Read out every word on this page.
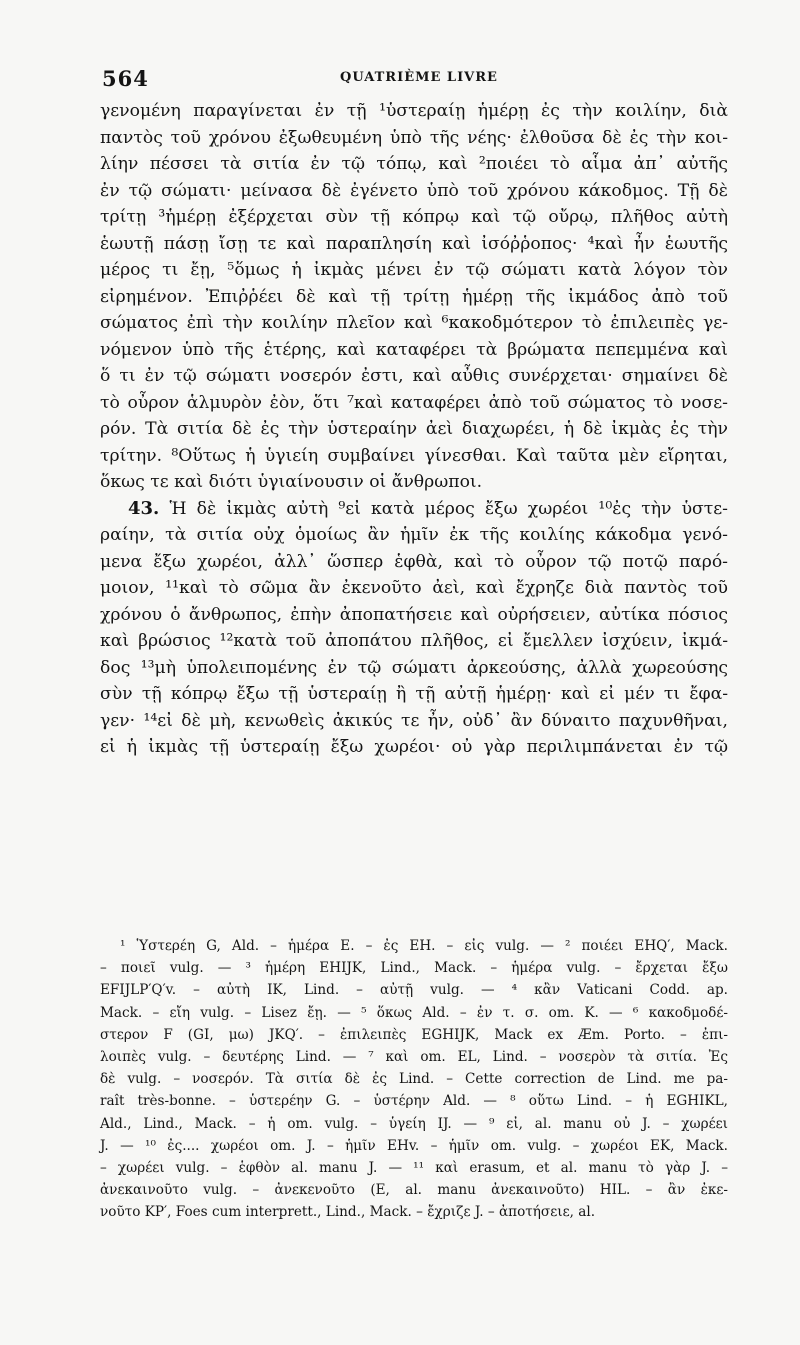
564	QUATRIÈME LIVRE
γενομένη παραγίνεται ἐν τῇ ¹ὑστεραίῃ ἡμέρῃ ἐς τὴν κοιλίην, διὰ
παντὸς τοῦ χρόνου ἐξωθευμένη ὑπὸ τῆς νέης· ἐλθοῦσα δὲ ἐς τὴν κοι-
λίην πέσσει τὰ σιτία ἐν τῷ τόπῳ, καὶ ²ποιέει τὸ αἷμα ἀπ᾽ αὐτῆς
ἐν τῷ σώματι· μείνασα δὲ ἐγένετο ὑπὸ τοῦ χρόνου κάκοδμος. Τῇ δὲ
τρίτῃ ³ἡμέρῃ ἐξέρχεται σὺν τῇ κόπρῳ καὶ τῷ οὔρῳ, πλῆθος αὐτὴ
ἑωυτῇ πάσῃ ἴσῃ τε καὶ παραπλησίη καὶ ἰσόῤῥοπος· ⁴καὶ ἦν ἑωυτῆς
μέρος τι ἔῃ, ⁵ὅμως ἡ ἰκμὰς μένει ἐν τῷ σώματι κατὰ λόγον τὸν
εἰρημένον. Ἐπιῤῥέει δὲ καὶ τῇ τρίτῃ ἡμέρῃ τῆς ἰκμάδος ἀπὸ τοῦ
σώματος ἐπὶ τὴν κοιλίην πλεῖον καὶ ⁶κακοδμότερον τὸ ἐπιλειπὲς γε-
νόμενον ὑπὸ τῆς ἑτέρης, καὶ καταφέρει τὰ βρώματα πεπεμμένα καὶ
ὅ τι ἐν τῷ σώματι νοσερόν ἐστι, καὶ αὖθις συνέρχεται· σημαίνει δὲ
τὸ οὖρον ἁλμυρὸν ἐὸν, ὅτι ⁷καὶ καταφέρει ἀπὸ τοῦ σώματος τὸ νοσε-
ρόν. Τὰ σιτία δὲ ἐς τὴν ὑστεραίην ἀεὶ διαχωρέει, ἡ δὲ ἰκμὰς ἐς τὴν
τρίτην. ⁸Οὕτως ἡ ὑγιείη συμβαίνει γίνεσθαι. Καὶ ταῦτα μὲν εἴρηται,
ὅκως τε καὶ διότι ὑγιαίνουσιν οἱ ἄνθρωποι.
43. Ἡ δὲ ἰκμὰς αὐτὴ ⁹εἰ κατὰ μέρος ἔξω χωρέοι ¹⁰ἐς τὴν ὑστε-
ραίην, τὰ σιτία οὐχ ὁμοίως ἂν ἡμῖν ἐκ τῆς κοιλίης κάκοδμα γενό-
μενα ἔξω χωρέοι, ἀλλ᾽ ὥσπερ ἑφθὰ, καὶ τὸ οὖρον τῷ ποτῷ παρό-
μοιον, ¹¹καὶ τὸ σῶμα ἂν ἐκενοῦτο ἀεὶ, καὶ ἔχρηζε διὰ παντὸς τοῦ
χρόνου ὁ ἄνθρωπος, ἐπὴν ἀποπατήσειε καὶ οὐρήσειεν, αὐτίκα πόσιος
καὶ βρώσιος ¹²κατὰ τοῦ ἀποπάτου πλῆθος, εἰ ἔμελλεν ἰσχύειν, ἰκμά-
δος ¹³μὴ ὑπολειπομένης ἐν τῷ σώματι ἀρκεούσης, ἀλλὰ χωρεούσης
σὺν τῇ κόπρῳ ἔξω τῇ ὑστεραίῃ ἢ τῇ αὐτῇ ἡμέρῃ· καὶ εἰ μέν τι ἔφα-
γεν· ¹⁴εἰ δὲ μὴ, κενωθεὶς ἀκικύς τε ἦν, οὐδ᾽ ἂν δύναιτο παχυνθῆναι,
εἰ ἡ ἰκμὰς τῇ ὑστεραίῃ ἔξω χωρέοι· οὐ γὰρ περιλιμπάνεται ἐν τῷ
¹ Ὑστερέη G, Ald. – ἡμέρα E. – ἐς EH. – εἰς vulg. — ² ποιέει EHQ′, Mack.
– ποιεῖ vulg. — ³ ἡμέρη EHIJK, Lind., Mack. – ἡμέρα vulg. – ἔρχεται ἔξω
EFIJLP′Q′v. – αὐτὴ IK, Lind. – αὐτῇ vulg. — ⁴ κἂν Vaticani Codd. ap.
Mack. – εἴη vulg. – Lisez ἔῃ. — ⁵ ὅκως Ald. – ἐν τ. σ. om. K. — ⁶ κακοδμοδέ-
στερον F (GI, μω) JKQ′. – ἐπιλειπὲς EGHIJK, Mack ex Æm. Porto. – ἐπι-
λοιπὲς vulg. – δευτέρης Lind. — ⁷ καὶ om. EL, Lind. – νοσερὸν τὰ σιτία. Ἐς
δὲ vulg. – νοσερόν. Τὰ σιτία δὲ ἐς Lind. – Cette correction de Lind. me pa-
raît très-bonne. – ὑστερέην G. – ὑστέρην Ald. — ⁸ οὕτω Lind. – ἡ EGHIKL,
Ald., Lind., Mack. – ἡ om. vulg. – ὑγείη IJ. — ⁹ εἰ, al. manu οὐ J. – χωρέει
J. — ¹⁰ ἐς.... χωρέοι om. J. – ἡμῖν EHv. – ἡμῖν om. vulg. – χωρέοι EK, Mack.
– χωρέει vulg. – ἑφθὸν al. manu J. — ¹¹ καὶ erasum, et al. manu τὸ γὰρ J. –
ἀνεκαινοῦτο vulg. – ἀνεκενοῦτο (E, al. manu ἀνεκαινοῦτο) HIL. – ἂν ἐκε-
νοῦτο KP′, Foes cum interprett., Lind., Mack. – ἔχριζε J. – ἀποτήσειε, al.
